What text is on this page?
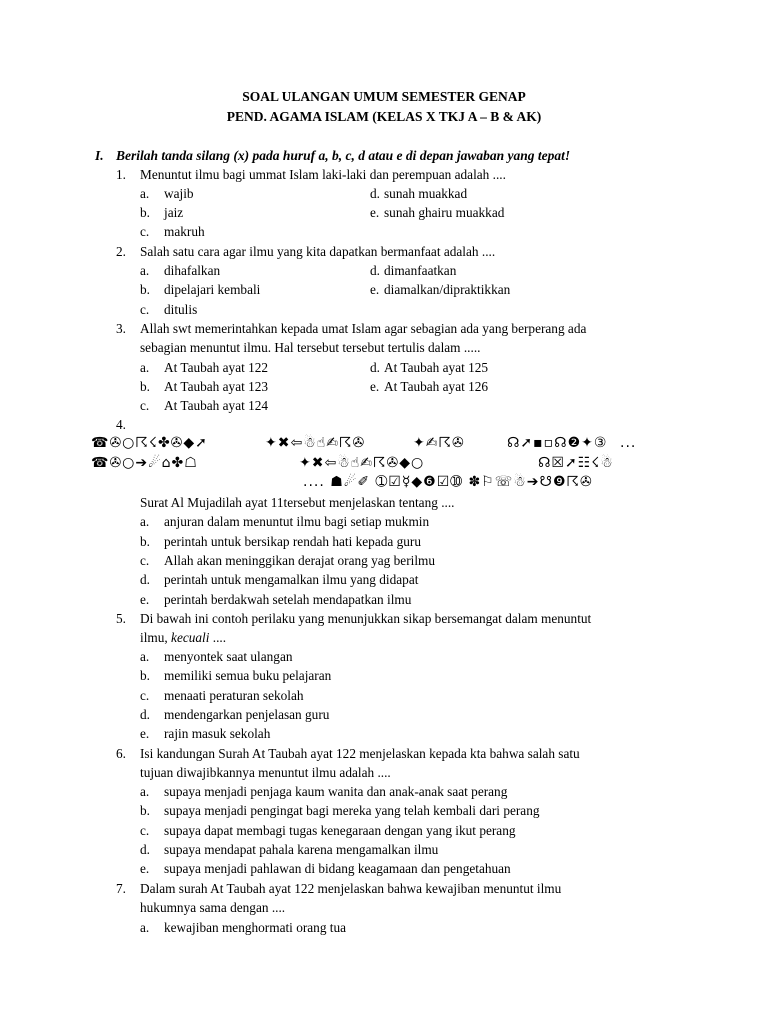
SOAL ULANGAN UMUM SEMESTER GENAP
PEND. AGAMA ISLAM (KELAS X TKJ A – B & AK)
I. Berilah tanda silang (x) pada huruf a, b, c, d atau e di depan jawaban yang tepat!
1. Menuntut ilmu bagi ummat Islam laki-laki dan perempuan adalah ....
a. wajib
b. jaiz
c. makruh
d. sunah muakkad
e. sunah ghairu muakkad
2. Salah satu cara agar ilmu yang kita dapatkan bermanfaat adalah ....
a. dihafalkan
b. dipelajari kembali
c. ditulis
d. dimanfaatkan
e. diamalkan/dipraktikkan
3. Allah swt memerintahkan kepada umat Islam agar sebagian ada yang berperang ada
sebagian menuntut ilmu. Hal tersebut tersebut tertulis dalam .....
a. At Taubah ayat 122
b. At Taubah ayat 123
c. At Taubah ayat 124
d. At Taubah ayat 125
e. At Taubah ayat 126
4.
☎✇○☈☇✤✇◆➚	✦✖⇦☃☝✍☈✇	✦✍☈✇	☊➚▪▫☊❷✦③ ...
☎✇○➔☄⌂✤☖	✦✖⇦☃☝✍☈✇◆○	☊☒➚☷☇☃
.... ☗☄✐ ➀☑☿◆❻☑➉ ✽⚐☏☃➔☋❾☈✇
Surat Al Mujadilah ayat 11tersebut menjelaskan tentang ....
a. anjuran dalam menuntut ilmu bagi setiap mukmin
b. perintah untuk bersikap rendah hati kepada guru
c. Allah akan meninggikan derajat orang yag berilmu
d. perintah untuk mengamalkan ilmu yang didapat
e. perintah berdakwah setelah mendapatkan ilmu
5. Di bawah ini contoh perilaku yang menunjukkan sikap bersemangat dalam menuntut
ilmu, kecuali ....
a. menyontek saat ulangan
b. memiliki semua buku pelajaran
c. menaati peraturan sekolah
d. mendengarkan penjelasan guru
e. rajin masuk sekolah
6. Isi kandungan Surah At Taubah ayat 122 menjelaskan kepada kta bahwa salah satu
tujuan diwajibkannya menuntut ilmu adalah ....
a. supaya menjadi penjaga kaum wanita dan anak-anak saat perang
b. supaya menjadi pengingat bagi mereka yang telah kembali dari perang
c. supaya dapat membagi tugas kenegaraan dengan yang ikut perang
d. supaya mendapat pahala karena mengamalkan ilmu
e. supaya menjadi pahlawan di bidang keagamaan dan pengetahuan
7. Dalam surah At Taubah ayat 122 menjelaskan bahwa kewajiban menuntut ilmu
hukumnya sama dengan ....
a. kewajiban menghormati orang tua
